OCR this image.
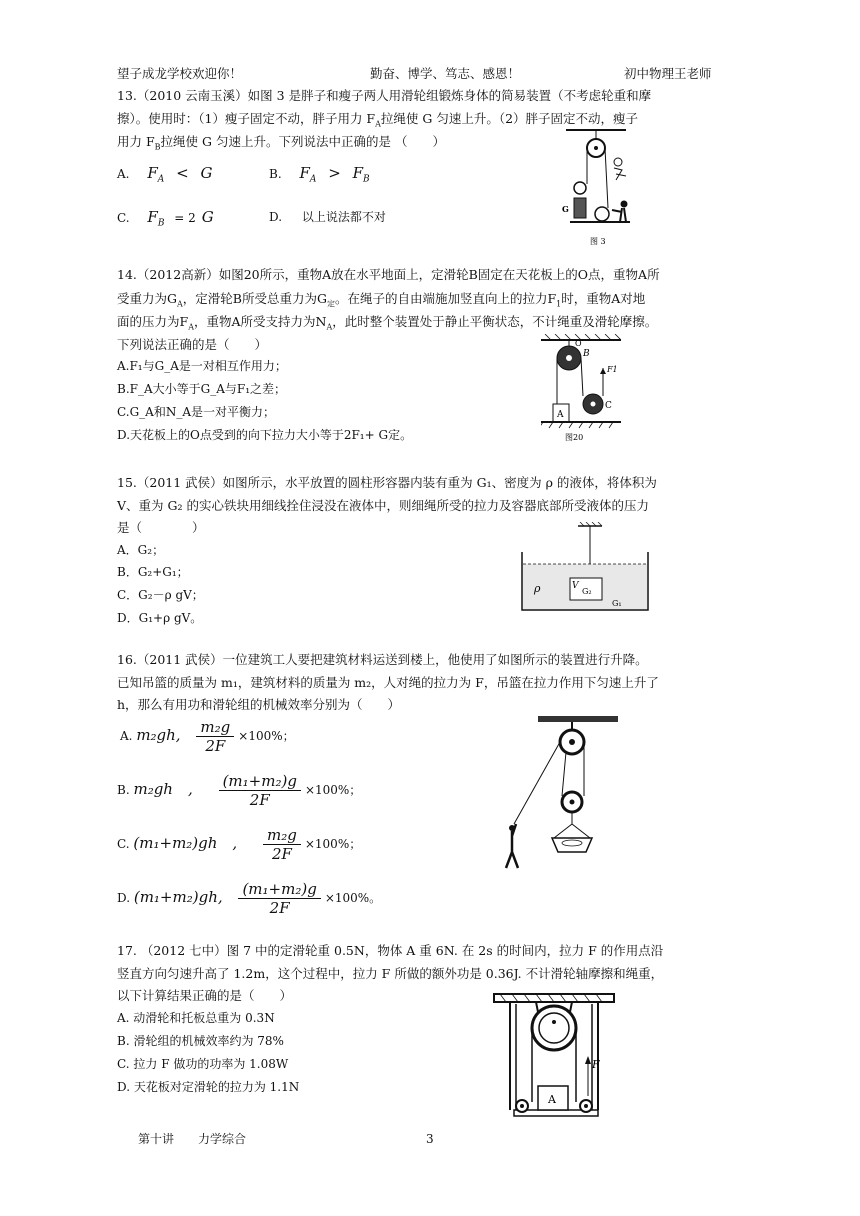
望子成龙学校欢迎你！	勤奋、博学、笃志、感恩！	初中物理王老师
13.（2010 云南玉溪）如图 3 是胖子和瘦子两人用滑轮组锻炼身体的简易装置（不考虑轮重和摩
擦）。使用时：（1）瘦子固定不动，胖子用力 $F_A$拉绳使 G 匀速上升。（2）胖子固定不动，瘦子
用力 $F_B$拉绳使 G 匀速上升。下列说法中正确的是 （　　）
A. $F_A < G$	B. $F_A > F_B$
C. $F_B = 2$ G	D. 以上说法都不对
G
图 3
14.（2012高新）如图20所示，重物A放在水平地面上，定滑轮B固定在天花板上的O点，重物A所
受重力为$G_A$，定滑轮B所受总重力为$G_定$。在绳子的自由端施加竖直向上的拉力$F_1$时，重物A对地
面的压力为$F_A$，重物A所受支持力为$N_A$，此时整个装置处于静止平衡状态，不计绳重及滑轮摩擦。
下列说法正确的是（　　）
A.F₁与G_A是一对相互作用力；
B.F_A大小等于G_A与F₁之差；
C.G_A和N_A是一对平衡力；
D.天花板上的O点受到的向下拉力大小等于2F₁+ G定。
B
O
F1
C
A
图20
15.（2011 武侯）如图所示，水平放置的圆柱形容器内装有重为 G₁、密度为 ρ 的液体，将体积为
V、重为 G₂ 的实心铁块用细线拴住浸没在液体中，则细绳所受的拉力及容器底部所受液体的压力
是（　　　　）
A．G₂；
B．G₂+G₁；
C．G₂－ρ gV；
D．G₁+ρ gV。
ρ	V
G₂
G₁
16.（2011 武侯）一位建筑工人要把建筑材料运送到楼上，他使用了如图所示的装置进行升降。
已知吊篮的质量为 m₁，建筑材料的质量为 m₂，人对绳的拉力为 F，吊篮在拉力作用下匀速上升了
h，那么有用功和滑轮组的机械效率分别为（　　）
A. m₂gh, $\frac{\text{m₂g}}{2F} \times 100\%$；
B. m₂gh　, $\frac{\text{(m₁+m₂)g}}{2F} \times 100\%$；
C. (m₁+m₂)gh　, $\frac{\text{m₂g}}{2F} \times 100\%$；
D. (m₁+m₂)gh, $\frac{\text{(m₁+m₂)g}}{2F} \times 100\%$。
17. （2012 七中）图 7 中的定滑轮重 0.5N，物体 A 重 6N. 在 2s 的时间内，拉力 F 的作用点沿
竖直方向匀速升高了 1.2m，这个过程中，拉力 F 所做的额外功是 0.36J. 不计滑轮轴摩擦和绳重，
以下计算结果正确的是（　　）
A. 动滑轮和托板总重为 0.3N
B. 滑轮组的机械效率约为 78%
C. 拉力 F 做功的功率为 1.08W
D. 天花板对定滑轮的拉力为 1.1N
F
A
第十讲　　力学综合	3
